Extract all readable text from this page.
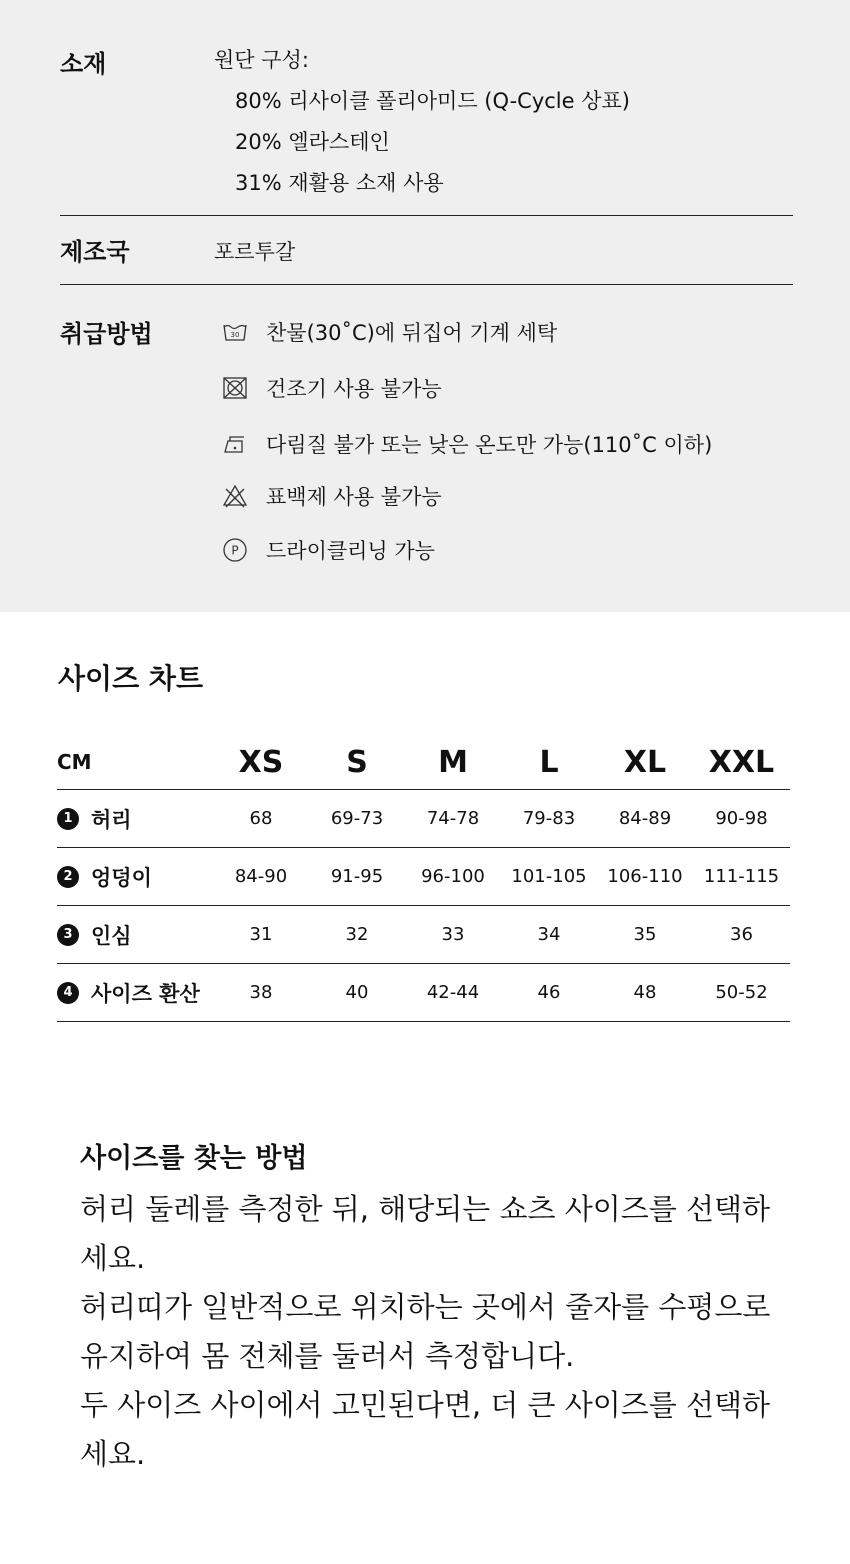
소재	원단 구성:
80% 리사이클 폴리아미드 (Q-Cycle 상표)
20% 엘라스테인
31% 재활용 소재 사용
제조국	포르투갈
취급방법	30 찬물(30˚C)에 뒤집어 기계 세탁
건조기 사용 불가능
다림질 불가 또는 낮은 온도만 가능(110˚C 이하)
표백제 사용 불가능
P 드라이클리닝 가능
사이즈 차트
CM	XS	S	M	L	XL	XXL
1 허리	68	69-73	74-78	79-83	84-89	90-98
2 엉덩이	84-90	91-95	96-100	101-105	106-110	111-115
3 인심	31	32	33	34	35	36
4 사이즈 환산	38	40	42-44	46	48	50-52
사이즈를 찾는 방법

허리 둘레를 측정한 뒤, 해당되는 쇼츠 사이즈를 선택하세요.

허리띠가 일반적으로 위치하는 곳에서 줄자를 수평으로 유지하여 몸 전체를 둘러서 측정합니다.

두 사이즈 사이에서 고민된다면, 더 큰 사이즈를 선택하세요.
